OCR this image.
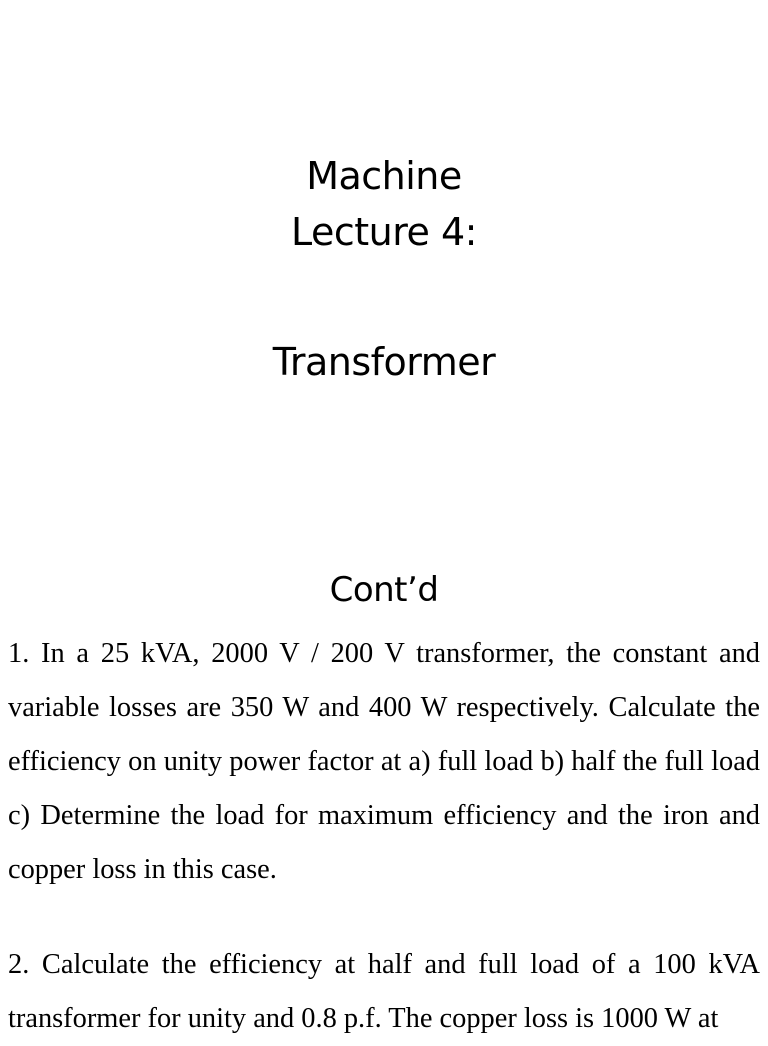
Machine
Lecture 4:
Transformer
Cont’d

1. In a 25 kVA, 2000 V / 200 V transformer, the constant and variable losses are 350 W and 400 W respectively. Calculate the efficiency on unity power factor at a) full load b) half the full load c) Determine the load for maximum efficiency and the iron and copper loss in this case.

2. Calculate the efficiency at half and full load of a 100 kVA transformer for unity and 0.8 p.f. The copper loss is 1000 W at
